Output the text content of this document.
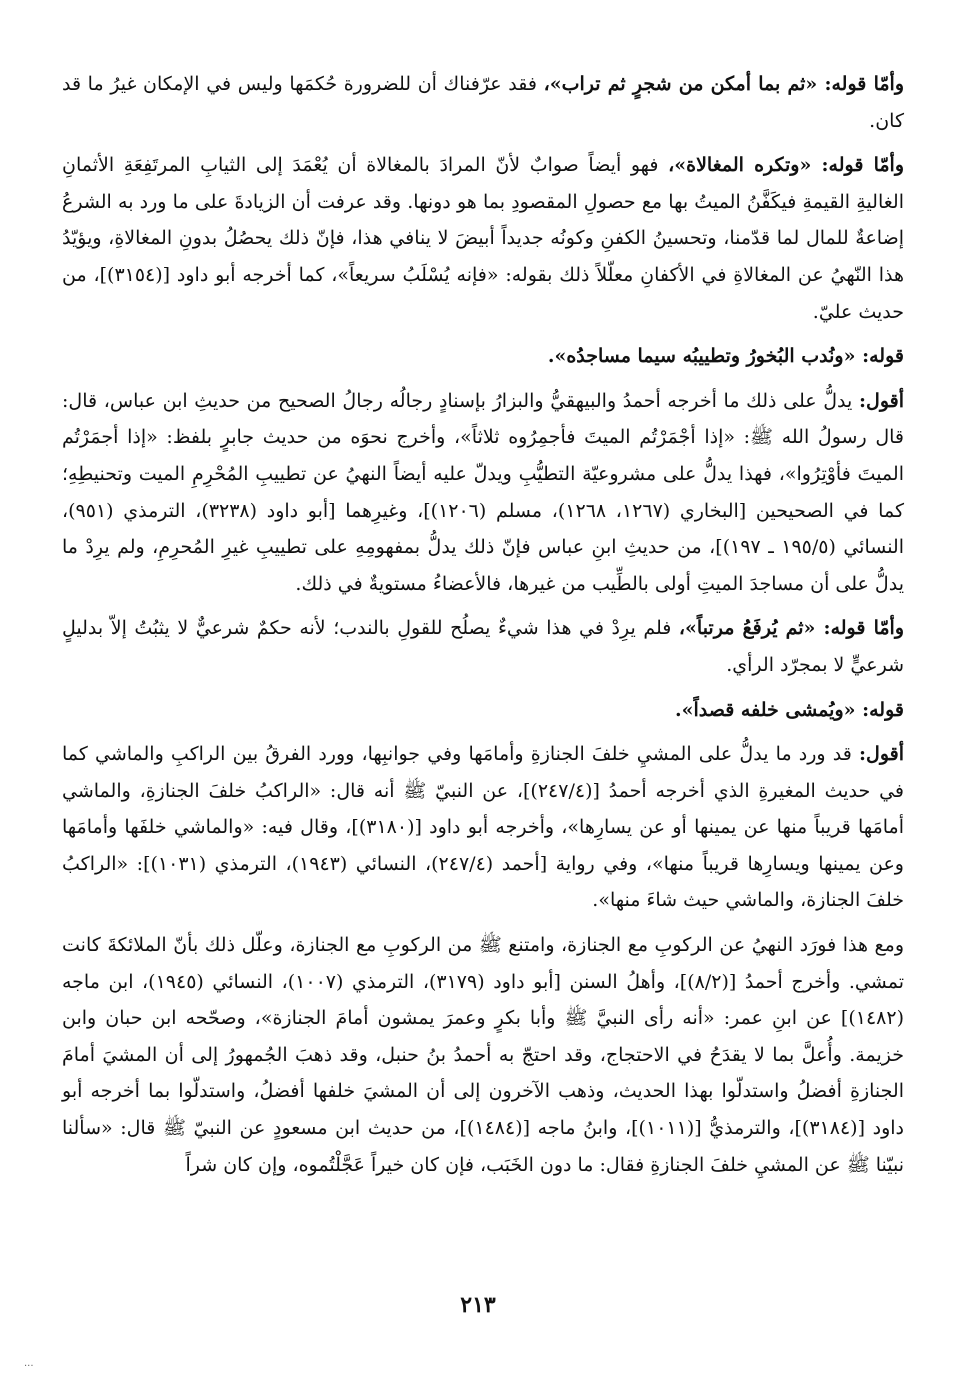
وأمّا قوله: «ثم بما أمكن من شجرٍ ثم تراب»، فقد عرّفناك أن للضرورة حُكمَها وليس في الإمكان غيرُ ما قد كان.

وأمّا قوله: «وتكره المغالاة»، فهو أيضاً صوابٌ لأنّ المرادَ بالمغالاة أن يُعْمَدَ إلى الثيابِ المرتَفِعَةِ الأثمانِ الغاليةِ القيمةِ فيكَفَّنُ الميتُ بها مع حصولِ المقصودِ بما هو دونها. وقد عرفت أن الزيادةَ على ما ورد به الشرعُ إضاعةٌ للمال لما قدّمنا، وتحسينُ الكفنِ وكونُه جديداً أبيضَ لا ينافي هذا، فإنّ ذلك يحصُلُ بدونِ المغالاةِ، ويؤيّدُ هذا النّهيُ عن المغالاةِ في الأكفانِ معلّلاً ذلك بقوله: «فإنه يُسْلَبُ سريعاً»، كما أخرجه أبو داود [(٣١٥٤)]، من حديث عليّ.

قوله: «ونُدب البُخورُ وتطييبُه سيما مساجدُه».

أقول: يدلُّ على ذلك ما أخرجه أحمدُ والبيهقيُّ والبزارُ بإسنادٍ رجالُه رجالُ الصحيح من حديثِ ابن عباس، قال: قال رسولُ الله ﷺ: «إذا أجْمَرْتُم الميتَ فأجمِرُوه ثلاثاً»، وأخرج نحوَه من حديث جابرٍ بلفظ: «إذا أجمَرْتُم الميتَ فأوْتِرُوا»، فهذا يدلُّ على مشروعيّة التطيُّبِ ويدلّ عليه أيضاً النهيُ عن تطييبِ المُحْرِمِ الميت وتحنيطِهِ؛ كما في الصحيحين [البخاري (١٢٦٧، ١٢٦٨)، مسلم (١٢٠٦)]، وغيرِهما [أبو داود (٣٢٣٨)، الترمذي (٩٥١)، النسائي (١٩٥/٥ ـ ١٩٧)]، من حديثِ ابنِ عباس فإنّ ذلك يدلُّ بمفهومِهِ على تطييبِ غيرِ المُحرِمِ، ولم يرِدْ ما يدلُّ على أن مساجدَ الميتِ أولى بالطِّيب من غيرها، فالأعضاءُ مستويةٌ في ذلك.

وأمّا قوله: «ثم يُرفَعُ مرتباً»، فلم يرِدْ في هذا شيءٌ يصلُح للقولِ بالندب؛ لأنه حكمٌ شرعيٌّ لا يثبُتُ إلاّ بدليلٍ شرعيٍّ لا بمجرّد الرأي.

قوله: «ويُمشى خلفه قصداً».

أقول: قد ورد ما يدلُّ على المشيِ خلفَ الجنازةِ وأمامَها وفي جوانبِها، وورد الفرقُ بين الراكبِ والماشي كما في حديث المغيرةِ الذي أخرجه أحمدُ [(٢٤٧/٤)]، عن النبيّ ﷺ أنه قال: «الراكبُ خلفَ الجنازةِ، والماشي أمامَها قريباً منها عن يمينها أو عن يسارِها»، وأخرجه أبو داود [(٣١٨٠)]، وقال فيه: «والماشي خلفَها وأمامَها وعن يمينها ويسارِها قريباً منها»، وفي رواية [أحمد (٢٤٧/٤)، النسائي (١٩٤٣)، الترمذي (١٠٣١)]: «الراكبُ خلفَ الجنازة، والماشي حيث شاءَ منها».

ومع هذا فورَد النهيُ عن الركوبِ مع الجنازة، وامتنع ﷺ من الركوبِ مع الجنازة، وعلّل ذلك بأنّ الملائكةَ كانت تمشي. وأخرج أحمدُ [(٨/٢)]، وأهلُ السنن [أبو داود (٣١٧٩)، الترمذي (١٠٠٧)، النسائي (١٩٤٥)، ابن ماجه (١٤٨٢)] عن ابنِ عمر: «أنه رأى النبيَّ ﷺ وأبا بكرٍ وعمرَ يمشون أمامَ الجنازة»، وصحّحه ابن حبان وابن خزيمة. وأُعلَّ بما لا يقدَحُ في الاحتجاج، وقد احتجّ به أحمدُ بنُ حنبل، وقد ذهبَ الجُمهورُ إلى أن المشيَ أمامَ الجنازةِ أفضلُ واستدلّوا بهذا الحديث، وذهب الآخرون إلى أن المشيَ خلفها أفضلُ، واستدلّوا بما أخرجه أبو داود [(٣١٨٤)]، والترمذيُّ [(١٠١١)]، وابنُ ماجه [(١٤٨٤)]، من حديث ابن مسعودٍ عن النبيّ ﷺ قال: «سألنا نبيّنا ﷺ عن المشيِ خلفَ الجنازةِ فقال: ما دون الخَبَب، فإن كان خيراً عَجَّلْتُموه، وإن كان شراً

٢١٣
...
